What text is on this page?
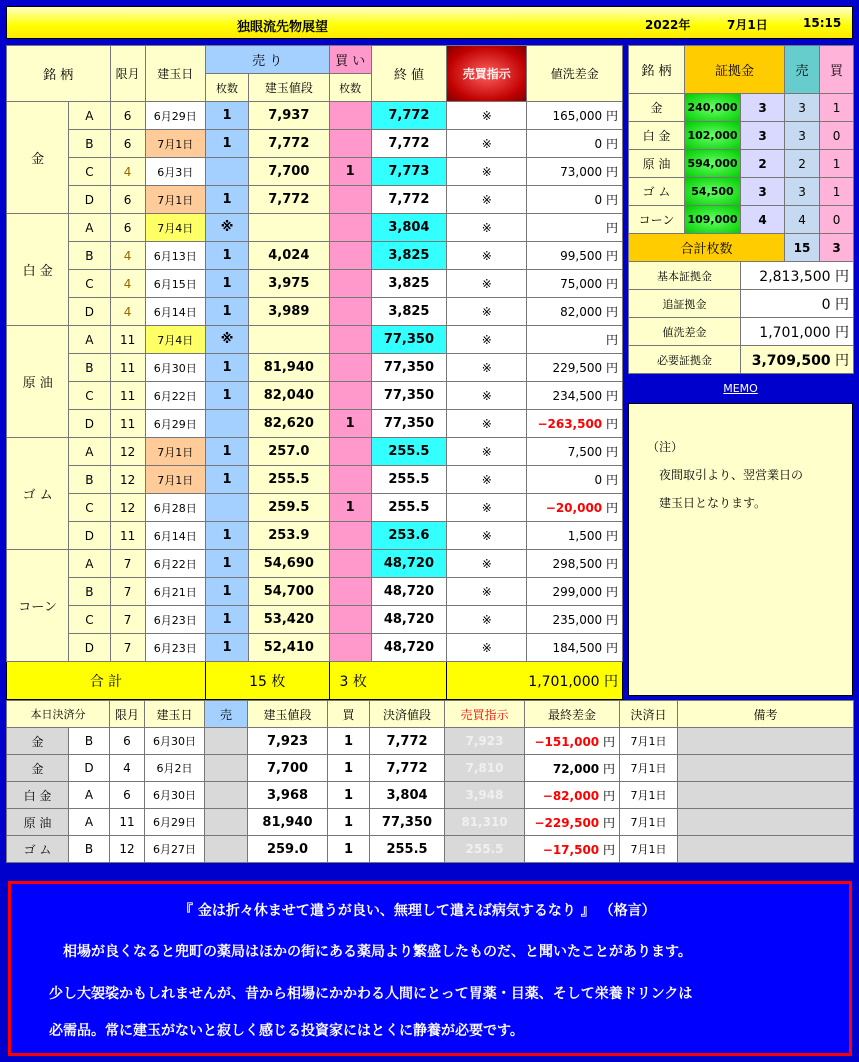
独眼流先物展望	2022年	7月1日	15:15
銘 柄		限月	建玉日	売 り		買 い	終 値	売買指示	値洗差金
				枚数	建玉値段	枚数			
金	A	6	6月29日	1	7,937		7,772	※	165,000 円
	B	6	7月1日	1	7,772		7,772	※	0 円
	C	4	6月3日		7,700	1	7,773	※	73,000 円
	D	6	7月1日	1	7,772		7,772	※	0 円
白 金	A	6	7月4日	※			3,804	※	円
	B	4	6月13日	1	4,024		3,825	※	99,500 円
	C	4	6月15日	1	3,975		3,825	※	75,000 円
	D	4	6月14日	1	3,989		3,825	※	82,000 円
原 油	A	11	7月4日	※			77,350	※	円
	B	11	6月30日	1	81,940		77,350	※	229,500 円
	C	11	6月22日	1	82,040		77,350	※	234,500 円
	D	11	6月29日		82,620	1	77,350	※	−263,500 円
ゴ ム	A	12	7月1日	1	257.0		255.5	※	7,500 円
	B	12	7月1日	1	255.5		255.5	※	0 円
	C	12	6月28日		259.5	1	255.5	※	−20,000 円
	D	11	6月14日	1	253.9		253.6	※	1,500 円
コーン	A	7	6月22日	1	54,690		48,720	※	298,500 円
	B	7	6月21日	1	54,700		48,720	※	299,000 円
	C	7	6月23日	1	53,420		48,720	※	235,000 円
	D	7	6月23日	1	52,410		48,720	※	184,500 円
合 計				15 枚		3 枚		1,701,000 円	
銘 柄	証拠金		売	買
金	240,000	3	3	1
白 金	102,000	3	3	0
原 油	594,000	2	2	1
ゴ ム	54,500	3	3	1
コーン	109,000	4	4	0
合計枚数			15	3
基本証拠金		2,813,500 円		
追証拠金		0 円		
値洗差金		1,701,000 円		
必要証拠金		3,709,500 円		
MEMO
（注）
夜間取引より、翌営業日の
建玉日となります。
本日決済分		限月	建玉日	売	建玉値段	買	決済値段	売買指示	最終差金	決済日	備考
金	B	6	6月30日		7,923	1	7,772	7,923	−151,000 円	7月1日	
金	D	4	6月2日		7,700	1	7,772	7,810	72,000 円	7月1日	
白 金	A	6	6月30日		3,968	1	3,804	3,948	−82,000 円	7月1日	
原 油	A	11	6月29日		81,940	1	77,350	81,310	−229,500 円	7月1日	
ゴ ム	B	12	6月27日		259.0	1	255.5	255.5	−17,500 円	7月1日	
『 金は折々休ませて遣うが良い、無理して遣えば病気するなり 』 （格言）
相場が良くなると兜町の薬局はほかの街にある薬局より繁盛したものだ、と聞いたことがあります。
少し大袈裟かもしれませんが、昔から相場にかかわる人間にとって胃薬・目薬、そして栄養ドリンクは
必需品。常に建玉がないと寂しく感じる投資家にはとくに静養が必要です。
